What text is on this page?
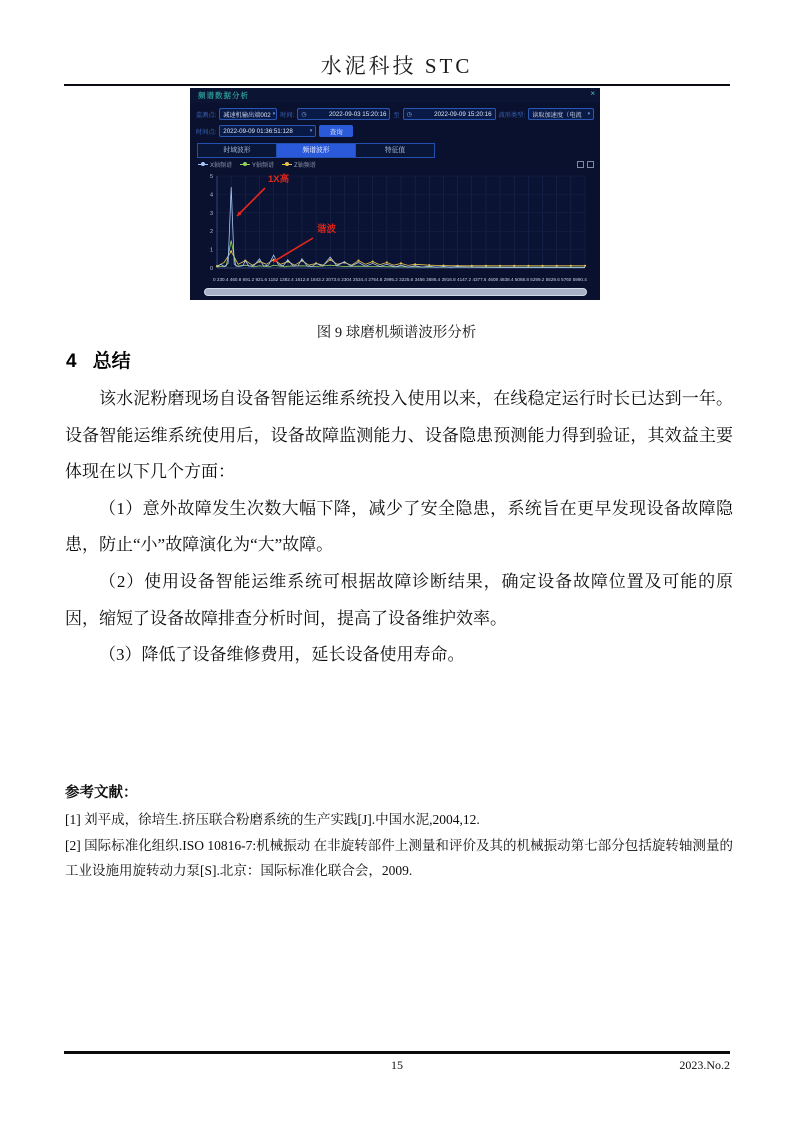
水泥科技 STC
频谱数据分析	×
监测点: 减速机输出端002 ▾ 时间: ◷	2022-09-03 15:20:16 至 ◷	2022-09-09 15:20:16 波形类型: 读取加速度（电流 ▾
时间点: 2022-09-09 01:36:51:128	▾	查询
时域波形	频谱波形	特征值
X轴频谱	Y轴频谱	Z轴频谱
0
1
2
3
4
5	1X高
谐波
0 230.4 460.8 691.2 921.6 1152 1382.4 1612.8 1843.2 2073.6 2304 2534.4 2764.8 2995.2 3225.6 3456 3686.4 3916.8 4147.2 4377.6 4608 4838.4 5068.8 5299.2 5529.6 5760 5990.4
图 9 球磨机频谱波形分析
4 总结

该水泥粉磨现场自设备智能运维系统投入使用以来，在线稳定运行时长已达到一年。设备智能运维系统使用后，设备故障监测能力、设备隐患预测能力得到验证，其效益主要体现在以下几个方面：

（1）意外故障发生次数大幅下降，减少了安全隐患，系统旨在更早发现设备故障隐患，防止“小”故障演化为“大”故障。

（2）使用设备智能运维系统可根据故障诊断结果，确定设备故障位置及可能的原因，缩短了设备故障排查分析时间，提高了设备维护效率。

（3）降低了设备维修费用，延长设备使用寿命。

参考文献：
[1] 刘平成，徐培生.挤压联合粉磨系统的生产实践[J].中国水泥,2004,12.
[2] 国际标准化组织.ISO 10816-7:机械振动 在非旋转部件上测量和评价及其的机械振动第七部分包括旋转轴测量的工业设施用旋转动力泵[S].北京：国际标准化联合会，2009.
15	2023.No.2
